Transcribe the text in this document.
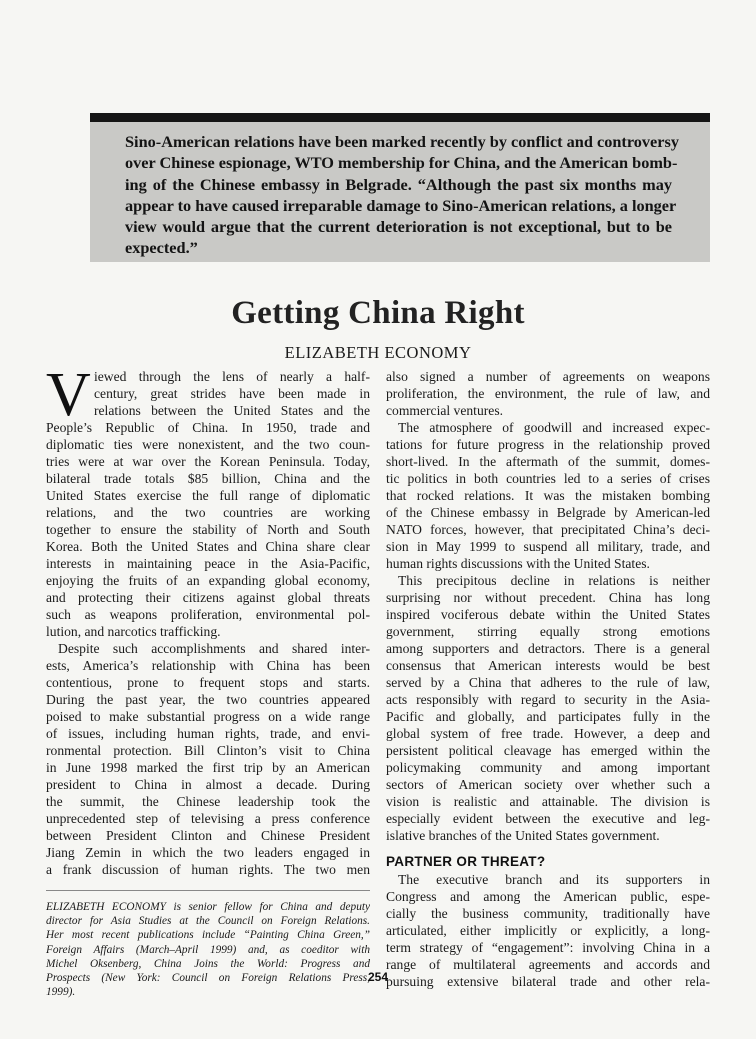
Sino-American relations have been marked recently by conflict and controversy
over Chinese espionage, WTO membership for China, and the American bomb-
ing of the Chinese embassy in Belgrade. “Although the past six months may
appear to have caused irreparable damage to Sino-American relations, a longer
view would argue that the current deterioration is not exceptional, but to be
expected.”
Getting China Right
ELIZABETH ECONOMY
V iewed through the lens of nearly a half-
century, great strides have been made in
relations between the United States and the
People’s Republic of China. In 1950, trade and
diplomatic ties were nonexistent, and the two coun-
tries were at war over the Korean Peninsula. Today,
bilateral trade totals $85 billion, China and the
United States exercise the full range of diplomatic
relations, and the two countries are working
together to ensure the stability of North and South
Korea. Both the United States and China share clear
interests in maintaining peace in the Asia-Pacific,
enjoying the fruits of an expanding global economy,
and protecting their citizens against global threats
such as weapons proliferation, environmental pol-
lution, and narcotics trafficking.
Despite such accomplishments and shared inter-
ests, America’s relationship with China has been
contentious, prone to frequent stops and starts.
During the past year, the two countries appeared
poised to make substantial progress on a wide range
of issues, including human rights, trade, and envi-
ronmental protection. Bill Clinton’s visit to China
in June 1998 marked the first trip by an American
president to China in almost a decade. During
the summit, the Chinese leadership took the
unprecedented step of televising a press conference
between President Clinton and Chinese President
Jiang Zemin in which the two leaders engaged in
a frank discussion of human rights. The two men
ELIZABETH ECONOMY is senior fellow for China and deputy
director for Asia Studies at the Council on Foreign Relations.
Her most recent publications include “Painting China Green,”
Foreign Affairs (March–April 1999) and, as coeditor with
Michel Oksenberg, China Joins the World: Progress and
Prospects (New York: Council on Foreign Relations Press,
1999).
also signed a number of agreements on weapons
proliferation, the environment, the rule of law, and
commercial ventures.
The atmosphere of goodwill and increased expec-
tations for future progress in the relationship proved
short-lived. In the aftermath of the summit, domes-
tic politics in both countries led to a series of crises
that rocked relations. It was the mistaken bombing
of the Chinese embassy in Belgrade by American-led
NATO forces, however, that precipitated China’s deci-
sion in May 1999 to suspend all military, trade, and
human rights discussions with the United States.
This precipitous decline in relations is neither
surprising nor without precedent. China has long
inspired vociferous debate within the United States
government, stirring equally strong emotions
among supporters and detractors. There is a general
consensus that American interests would be best
served by a China that adheres to the rule of law,
acts responsibly with regard to security in the Asia-
Pacific and globally, and participates fully in the
global system of free trade. However, a deep and
persistent political cleavage has emerged within the
policymaking community and among important
sectors of American society over whether such a
vision is realistic and attainable. The division is
especially evident between the executive and leg-
islative branches of the United States government.
PARTNER OR THREAT?
The executive branch and its supporters in
Congress and among the American public, espe-
cially the business community, traditionally have
articulated, either implicitly or explicitly, a long-
term strategy of “engagement”: involving China in a
range of multilateral agreements and accords and
pursuing extensive bilateral trade and other rela-
254
